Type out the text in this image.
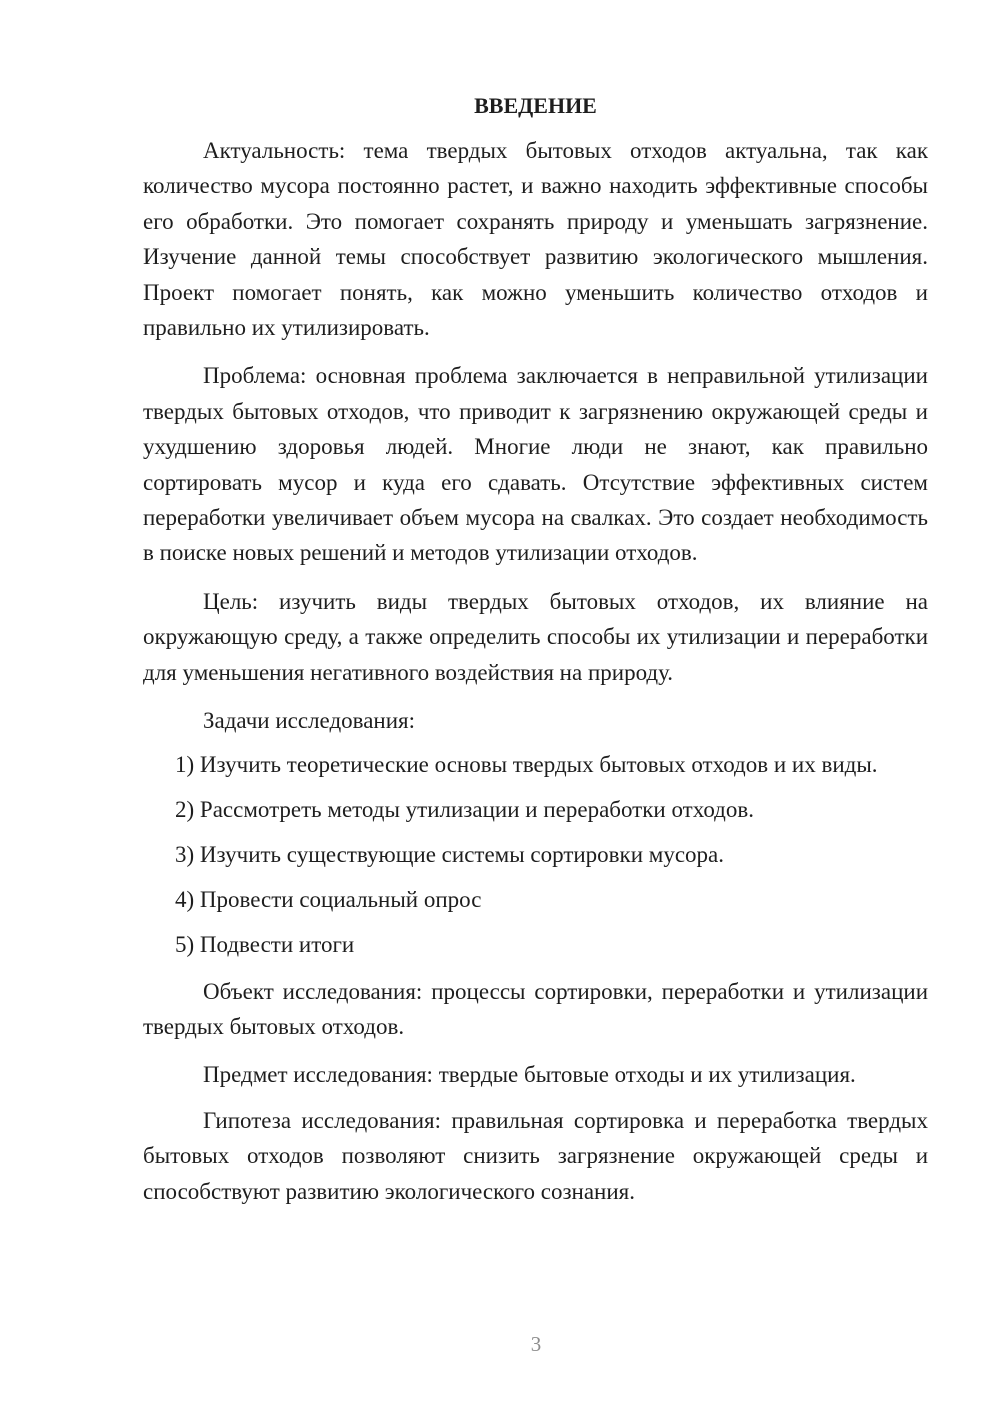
ВВЕДЕНИЕ

Актуальность: тема твердых бытовых отходов актуальна, так как количество мусора постоянно растет, и важно находить эффективные способы его обработки. Это помогает сохранять природу и уменьшать загрязнение. Изучение данной темы способствует развитию экологического мышления. Проект помогает понять, как можно уменьшить количество отходов и правильно их утилизировать.

Проблема: основная проблема заключается в неправильной утилизации твердых бытовых отходов, что приводит к загрязнению окружающей среды и ухудшению здоровья людей. Многие люди не знают, как правильно сортировать мусор и куда его сдавать. Отсутствие эффективных систем переработки увеличивает объем мусора на свалках. Это создает необходимость в поиске новых решений и методов утилизации отходов.

Цель: изучить виды твердых бытовых отходов, их влияние на окружающую среду, а также определить способы их утилизации и переработки для уменьшения негативного воздействия на природу.

Задачи исследования:

1) Изучить теоретические основы твердых бытовых отходов и их виды.

2) Рассмотреть методы утилизации и переработки отходов.

3) Изучить существующие системы сортировки мусора.

4) Провести социальный опрос

5) Подвести итоги

Объект исследования: процессы сортировки, переработки и утилизации твердых бытовых отходов.

Предмет исследования: твердые бытовые отходы и их утилизация.

Гипотеза исследования: правильная сортировка и переработка твердых бытовых отходов позволяют снизить загрязнение окружающей среды и способствуют развитию экологического сознания.

3
